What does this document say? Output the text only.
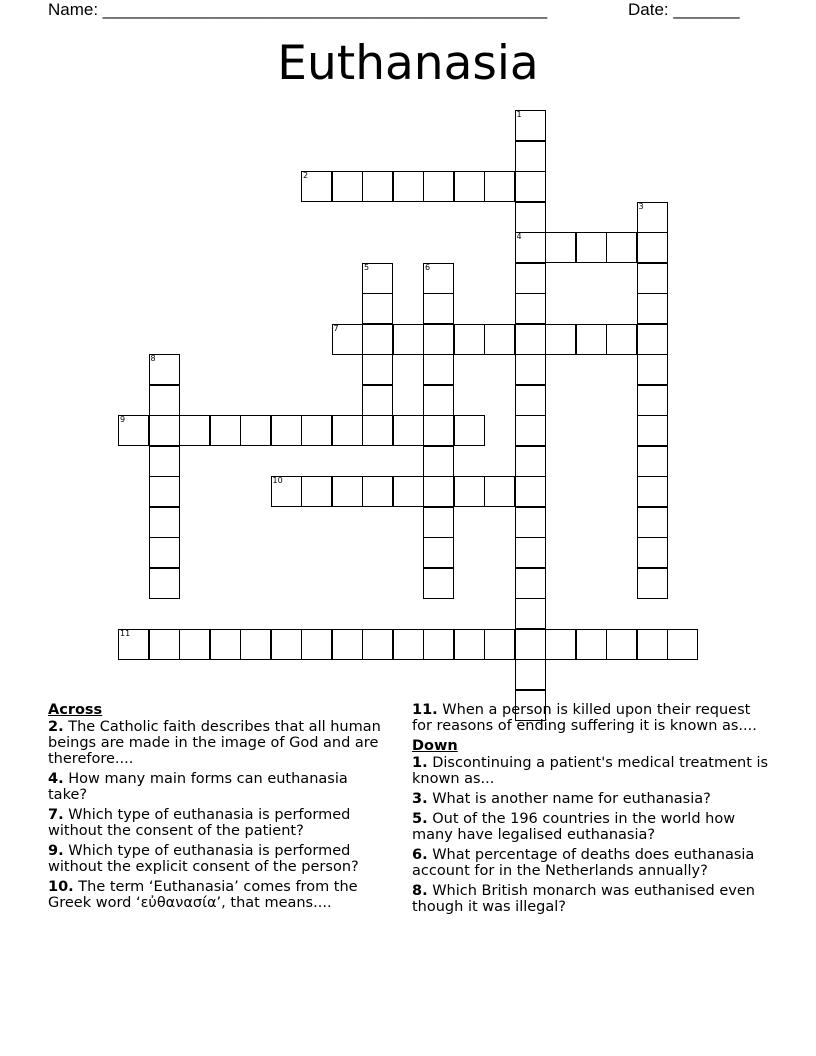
Name: _______________________________________________	Date: _______
Euthanasia
1
4
2
3
5	6
7
8
9
10
11
Across
2. The Catholic faith describes that all human beings are made in the image of God and are therefore....
4. How many main forms can euthanasia take?
7. Which type of euthanasia is performed without the consent of the patient?
9. Which type of euthanasia is performed without the explicit consent of the person?
10. The term ‘Euthanasia’ comes from the Greek word ‘εὐθανασία’, that means....
11. When a person is killed upon their request for reasons of ending suffering it is known as....
Down
1. Discontinuing a patient's medical treatment is known as...
3. What is another name for euthanasia?
5. Out of the 196 countries in the world how many have legalised euthanasia?
6. What percentage of deaths does euthanasia account for in the Netherlands annually?
8. Which British monarch was euthanised even though it was illegal?
